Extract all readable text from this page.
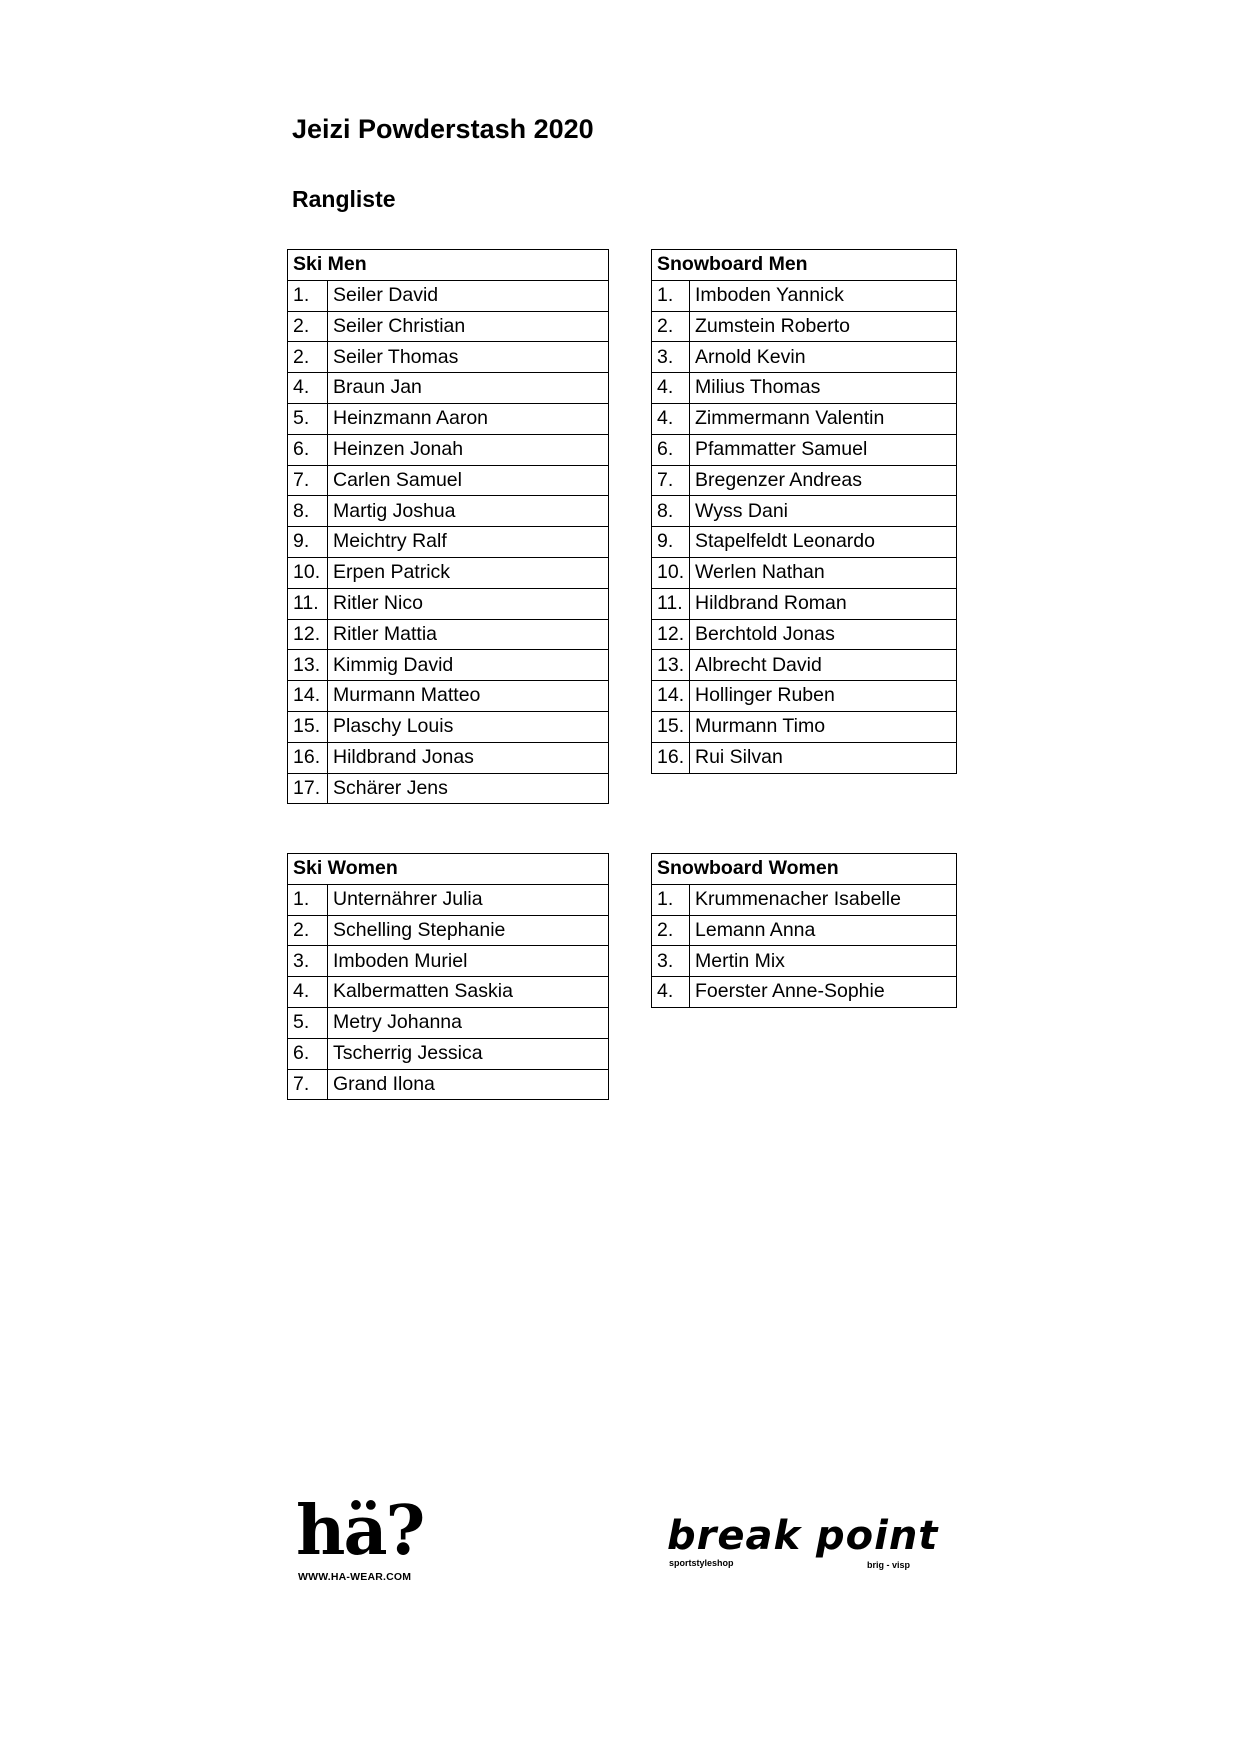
Jeizi Powderstash 2020
Rangliste
Ski Men	
1.	Seiler David
2.	Seiler Christian
2.	Seiler Thomas
4.	Braun Jan
5.	Heinzmann Aaron
6.	Heinzen Jonah
7.	Carlen Samuel
8.	Martig Joshua
9.	Meichtry Ralf
10.	Erpen Patrick
11.	Ritler Nico
12.	Ritler Mattia
13.	Kimmig David
14.	Murmann Matteo
15.	Plaschy Louis
16.	Hildbrand Jonas
17.	Schärer Jens
Snowboard Men	
1.	Imboden Yannick
2.	Zumstein Roberto
3.	Arnold Kevin
4.	Milius Thomas
4.	Zimmermann Valentin
6.	Pfammatter Samuel
7.	Bregenzer Andreas
8.	Wyss Dani
9.	Stapelfeldt Leonardo
10.	Werlen Nathan
11.	Hildbrand Roman
12.	Berchtold Jonas
13.	Albrecht David
14.	Hollinger Ruben
15.	Murmann Timo
16.	Rui Silvan
Ski Women	
1.	Unternährer Julia
2.	Schelling Stephanie
3.	Imboden Muriel
4.	Kalbermatten Saskia
5.	Metry Johanna
6.	Tscherrig Jessica
7.	Grand Ilona
Snowboard Women	
1.	Krummenacher Isabelle
2.	Lemann Anna
3.	Mertin Mix
4.	Foerster Anne-Sophie
hä?
WWW.HA-WEAR.COM
break point
sportstyleshop	brig - visp
